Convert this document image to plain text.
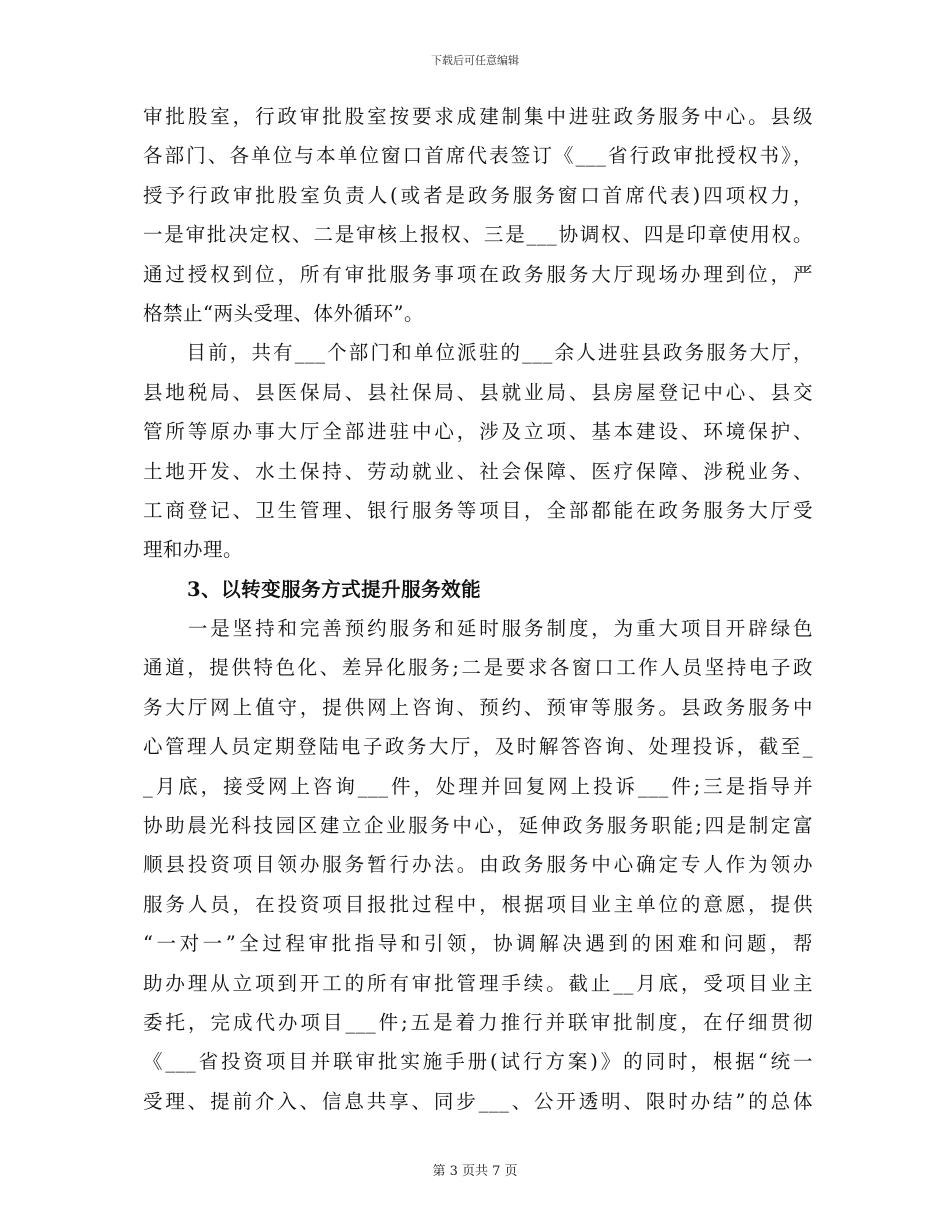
下载后可任意编辑
审批股室，行政审批股室按要求成建制集中进驻政务服务中心。县级
各部门、各单位与本单位窗口首席代表签订《___省行政审批授权书》，
授予行政审批股室负责人(或者是政务服务窗口首席代表)四项权力，
一是审批决定权、二是审核上报权、三是___协调权、四是印章使用权。
通过授权到位，所有审批服务事项在政务服务大厅现场办理到位，严
格禁止“两头受理、体外循环”。
　　目前，共有___个部门和单位派驻的___余人进驻县政务服务大厅，
县地税局、县医保局、县社保局、县就业局、县房屋登记中心、县交
管所等原办事大厅全部进驻中心，涉及立项、基本建设、环境保护、
土地开发、水土保持、劳动就业、社会保障、医疗保障、涉税业务、
工商登记、卫生管理、银行服务等项目，全部都能在政务服务大厅受
理和办理。
3、以转变服务方式提升服务效能
　　一是坚持和完善预约服务和延时服务制度，为重大项目开辟绿色
通道，提供特色化、差异化服务;二是要求各窗口工作人员坚持电子政
务大厅网上值守，提供网上咨询、预约、预审等服务。县政务服务中
心管理人员定期登陆电子政务大厅，及时解答咨询、处理投诉，截至_
_月底，接受网上咨询___件，处理并回复网上投诉___件;三是指导并
协助晨光科技园区建立企业服务中心，延伸政务服务职能;四是制定富
顺县投资项目领办服务暂行办法。由政务服务中心确定专人作为领办
服务人员，在投资项目报批过程中，根据项目业主单位的意愿，提供
“一对一”全过程审批指导和引领，协调解决遇到的困难和问题，帮
助办理从立项到开工的所有审批管理手续。截止__月底，受项目业主
委托，完成代办项目___件;五是着力推行并联审批制度，在仔细贯彻
《___省投资项目并联审批实施手册(试行方案)》的同时，根据“统一
受理、提前介入、信息共享、同步___、公开透明、限时办结”的总体
第 3 页共 7 页
